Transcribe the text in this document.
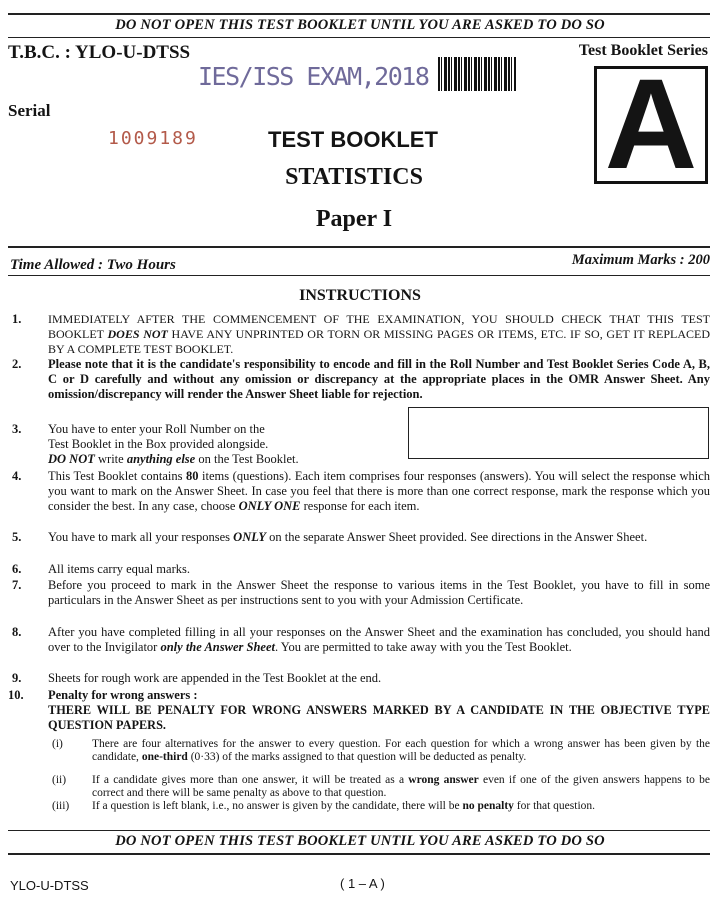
DO NOT OPEN THIS TEST BOOKLET UNTIL YOU ARE ASKED TO DO SO
T.B.C. : YLO-U-DTSS	Test Booklet Series
IES/ISS EXAM,2018 A
Serial
1009189	TEST BOOKLET
STATISTICS
Paper I
Time Allowed : Two Hours	Maximum Marks : 200
INSTRUCTIONS
1. IMMEDIATELY AFTER THE COMMENCEMENT OF THE EXAMINATION, YOU SHOULD CHECK THAT THIS TEST BOOKLET DOES NOT HAVE ANY UNPRINTED OR TORN OR MISSING PAGES OR ITEMS, ETC. IF SO, GET IT REPLACED BY A COMPLETE TEST BOOKLET.
2. Please note that it is the candidate's responsibility to encode and fill in the Roll Number and Test Booklet Series Code A, B, C or D carefully and without any omission or discrepancy at the appropriate places in the OMR Answer Sheet. Any omission/discrepancy will render the Answer Sheet liable for rejection.
3. You have to enter your Roll Number on the
Test Booklet in the Box provided alongside.
DO NOT write anything else on the Test Booklet.
4. This Test Booklet contains 80 items (questions). Each item comprises four responses (answers). You will select the response which you want to mark on the Answer Sheet. In case you feel that there is more than one correct response, mark the response which you consider the best. In any case, choose ONLY ONE response for each item.
5. You have to mark all your responses ONLY on the separate Answer Sheet provided. See directions in the Answer Sheet.
6. All items carry equal marks.
7. Before you proceed to mark in the Answer Sheet the response to various items in the Test Booklet, you have to fill in some particulars in the Answer Sheet as per instructions sent to you with your Admission Certificate.
8. After you have completed filling in all your responses on the Answer Sheet and the examination has concluded, you should hand over to the Invigilator only the Answer Sheet. You are permitted to take away with you the Test Booklet.
9. Sheets for rough work are appended in the Test Booklet at the end.
10. Penalty for wrong answers :
THERE WILL BE PENALTY FOR WRONG ANSWERS MARKED BY A CANDIDATE IN THE OBJECTIVE TYPE QUESTION PAPERS.
(i)	There are four alternatives for the answer to every question. For each question for which a wrong answer has been given by the candidate, one-third (0·33) of the marks assigned to that question will be deducted as penalty.
(ii) If a candidate gives more than one answer, it will be treated as a wrong answer even if one of the given answers happens to be correct and there will be same penalty as above to that question.
(iii) If a question is left blank, i.e., no answer is given by the candidate, there will be no penalty for that question.
DO NOT OPEN THIS TEST BOOKLET UNTIL YOU ARE ASKED TO DO SO
YLO-U-DTSS	( 1 – A )
